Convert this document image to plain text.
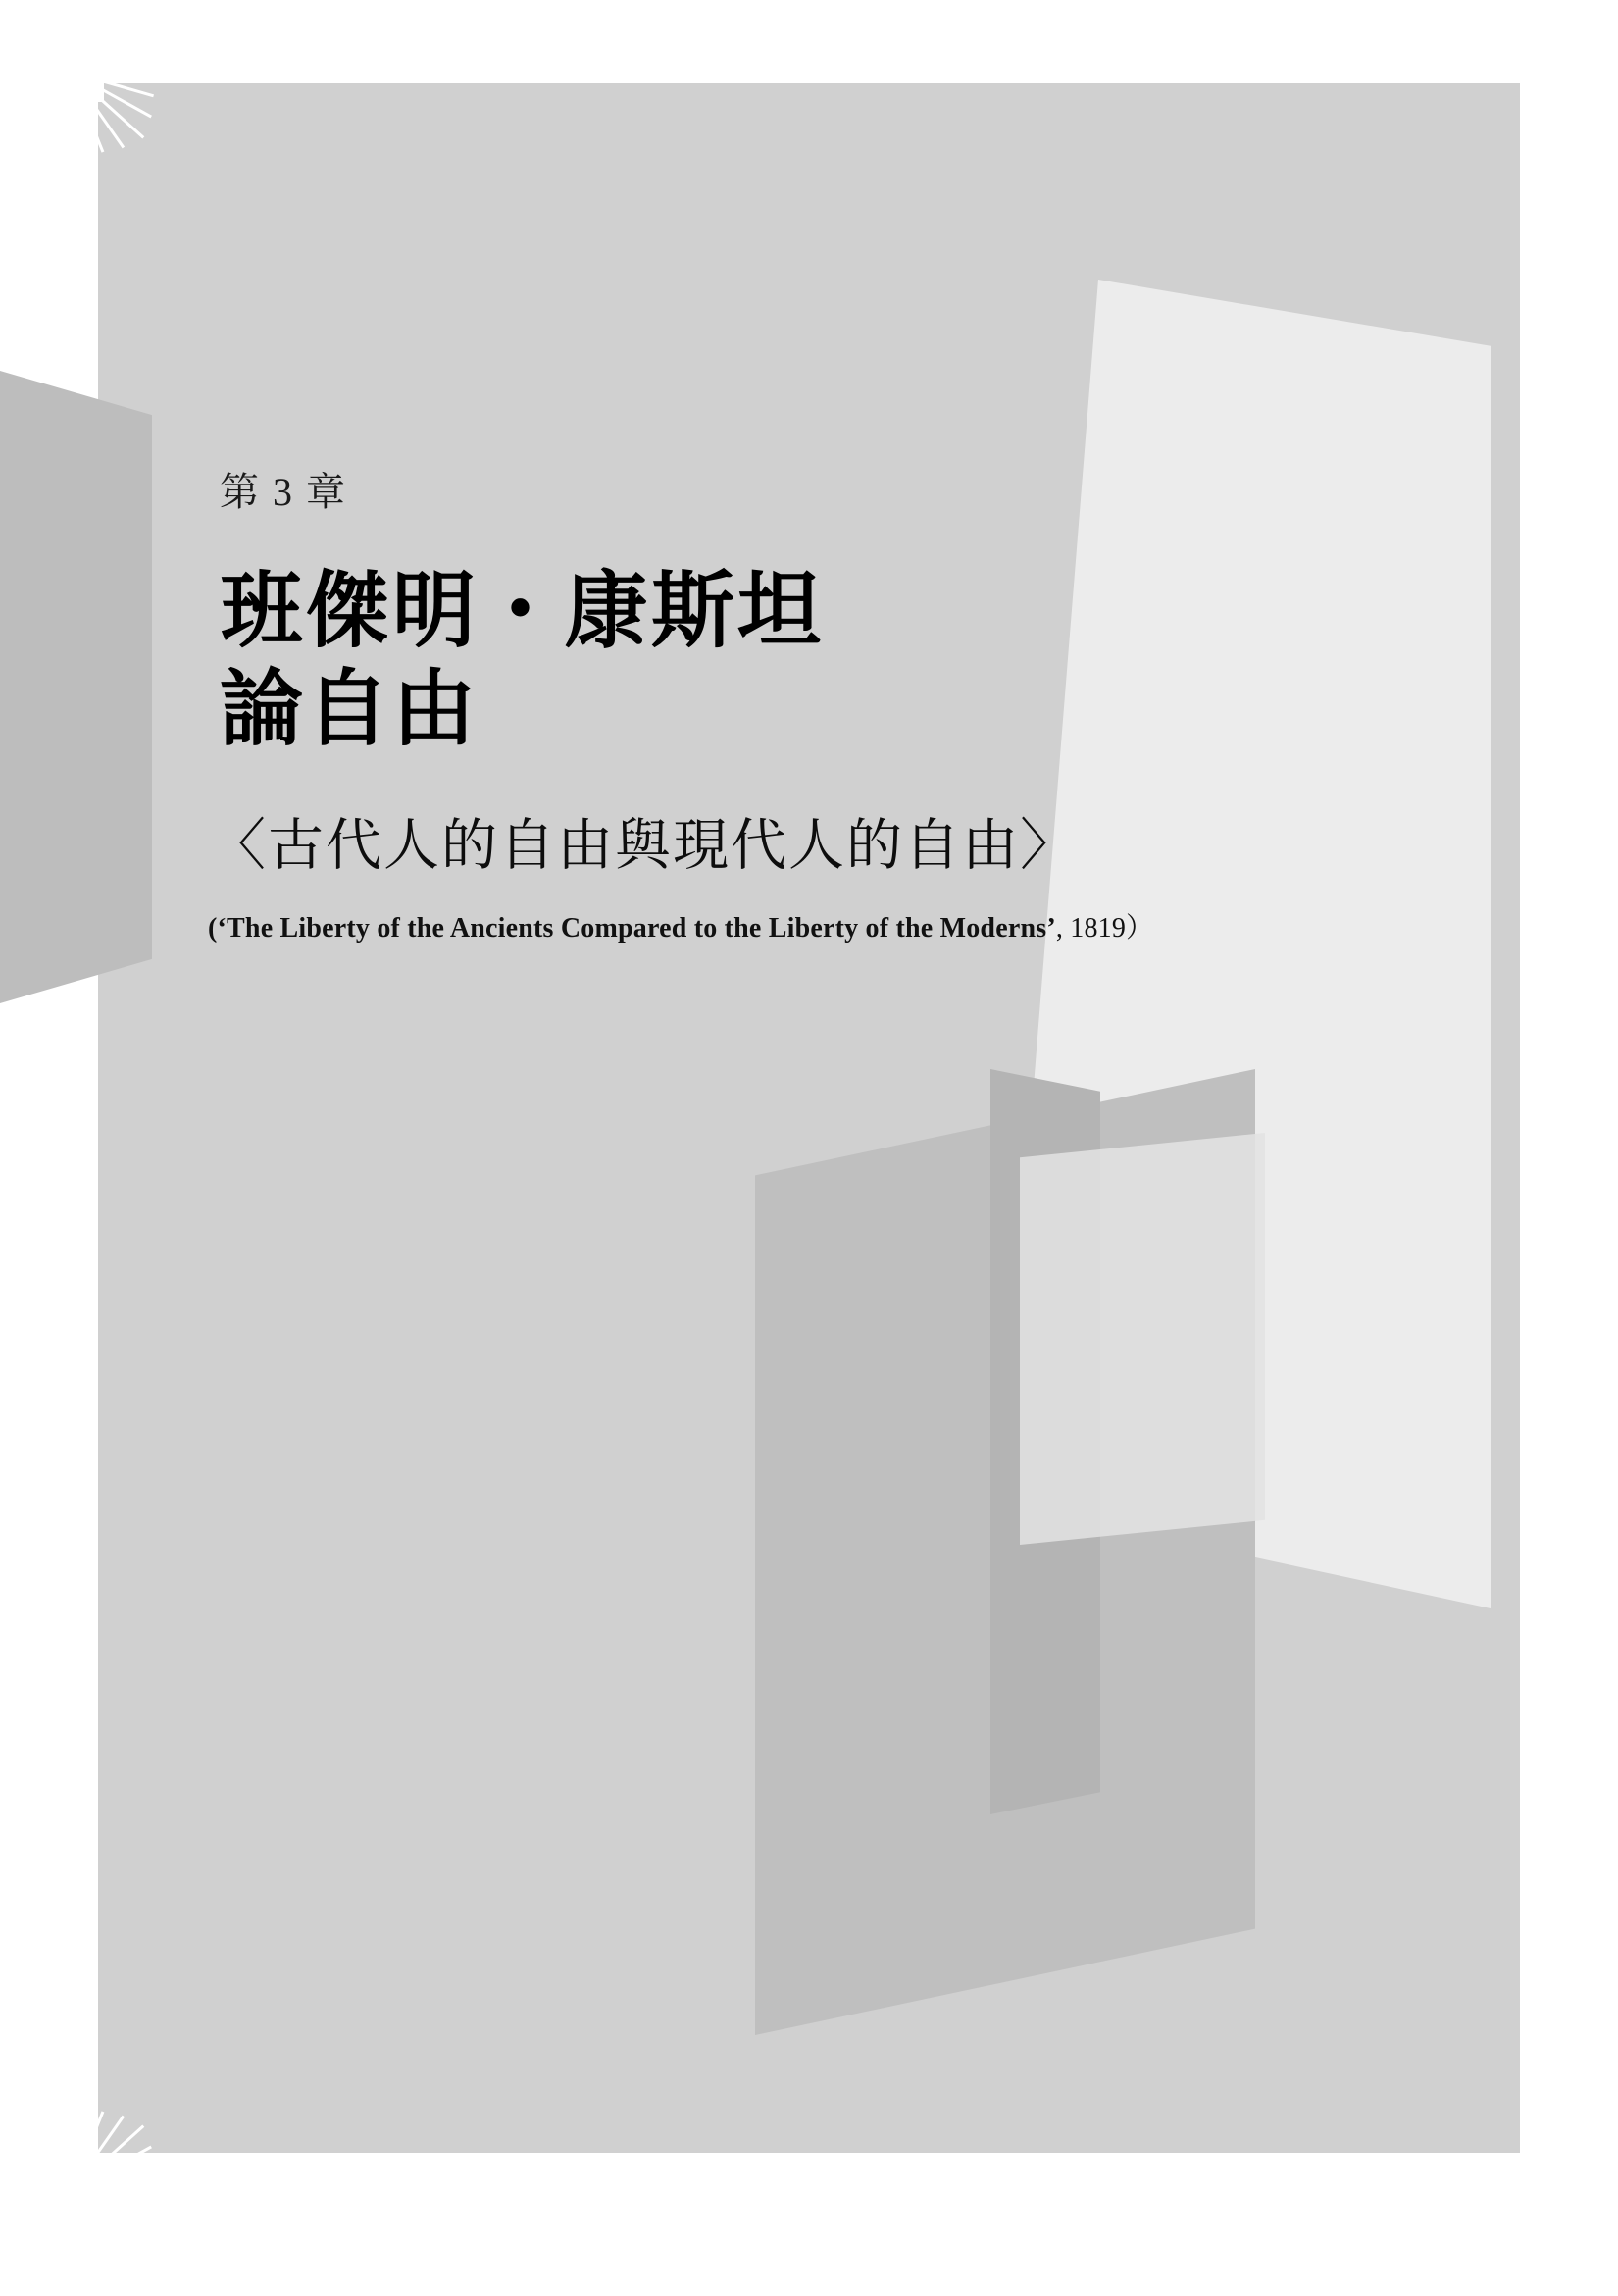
第 3 章

班傑明・康斯坦
論自由

〈古代人的自由與現代人的自由〉

(‘The Liberty of the Ancients Compared to the Liberty of the Moderns’, 1819）
